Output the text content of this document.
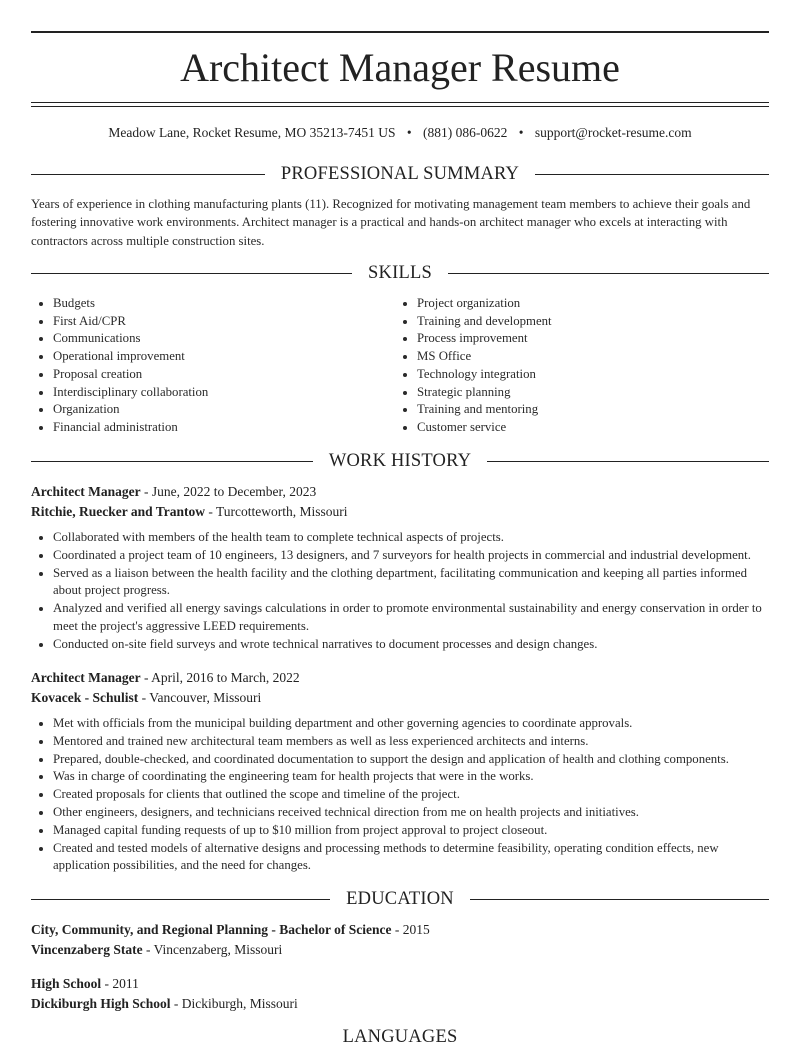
Architect Manager Resume
Meadow Lane, Rocket Resume, MO 35213-7451 US • (881) 086-0622 • support@rocket-resume.com
PROFESSIONAL SUMMARY
Years of experience in clothing manufacturing plants (11). Recognized for motivating management team members to achieve their goals and fostering innovative work environments. Architect manager is a practical and hands-on architect manager who excels at interacting with contractors across multiple construction sites.
SKILLS
• Budgets
• First Aid/CPR
• Communications
• Operational improvement
• Proposal creation
• Interdisciplinary collaboration
• Organization
• Financial administration
• Project organization
• Training and development
• Process improvement
• MS Office
• Technology integration
• Strategic planning
• Training and mentoring
• Customer service
WORK HISTORY
Architect Manager - June, 2022 to December, 2023
Ritchie, Ruecker and Trantow - Turcotteworth, Missouri
• Collaborated with members of the health team to complete technical aspects of projects.
• Coordinated a project team of 10 engineers, 13 designers, and 7 surveyors for health projects in commercial and industrial development.
• Served as a liaison between the health facility and the clothing department, facilitating communication and keeping all parties informed about project progress.
• Analyzed and verified all energy savings calculations in order to promote environmental sustainability and energy conservation in order to meet the project's aggressive LEED requirements.
• Conducted on-site field surveys and wrote technical narratives to document processes and design changes.
Architect Manager - April, 2016 to March, 2022
Kovacek - Schulist - Vancouver, Missouri
• Met with officials from the municipal building department and other governing agencies to coordinate approvals.
• Mentored and trained new architectural team members as well as less experienced architects and interns.
• Prepared, double-checked, and coordinated documentation to support the design and application of health and clothing components.
• Was in charge of coordinating the engineering team for health projects that were in the works.
• Created proposals for clients that outlined the scope and timeline of the project.
• Other engineers, designers, and technicians received technical direction from me on health projects and initiatives.
• Managed capital funding requests of up to $10 million from project approval to project closeout.
• Created and tested models of alternative designs and processing methods to determine feasibility, operating condition effects, new application possibilities, and the need for changes.
EDUCATION
City, Community, and Regional Planning - Bachelor of Science - 2015
Vincenzaberg State - Vincenzaberg, Missouri
High School - 2011
Dickiburgh High School - Dickiburgh, Missouri
LANGUAGES
